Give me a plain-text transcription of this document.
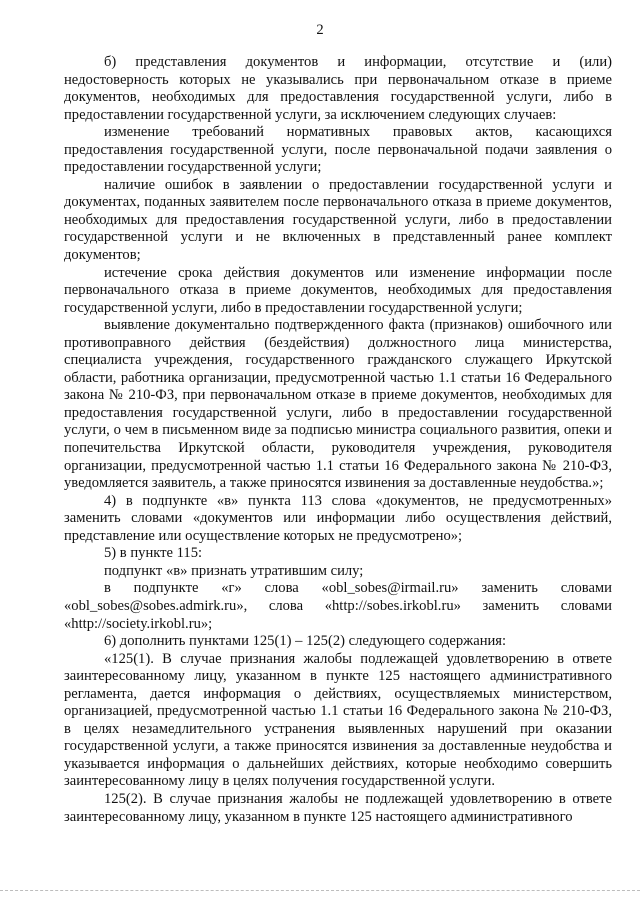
2

б) представления документов и информации, отсутствие и (или) недостоверность которых не указывались при первоначальном отказе в приеме документов, необходимых для предоставления государственной услуги, либо в предоставлении государственной услуги, за исключением следующих случаев:

изменение требований нормативных правовых актов, касающихся предоставления государственной услуги, после первоначальной подачи заявления о предоставлении государственной услуги;

наличие ошибок в заявлении о предоставлении государственной услуги и документах, поданных заявителем после первоначального отказа в приеме документов, необходимых для предоставления государственной услуги, либо в предоставлении государственной услуги и не включенных в представленный ранее комплект документов;

истечение срока действия документов или изменение информации после первоначального отказа в приеме документов, необходимых для предоставления государственной услуги, либо в предоставлении государственной услуги;

выявление документально подтвержденного факта (признаков) ошибочного или противоправного действия (бездействия) должностного лица министерства, специалиста учреждения, государственного гражданского служащего Иркутской области, работника организации, предусмотренной частью 1.1 статьи 16 Федерального закона № 210-ФЗ, при первоначальном отказе в приеме документов, необходимых для предоставления государственной услуги, либо в предоставлении государственной услуги, о чем в письменном виде за подписью министра социального развития, опеки и попечительства Иркутской области, руководителя учреждения, руководителя организации, предусмотренной частью 1.1 статьи 16 Федерального закона № 210-ФЗ, уведомляется заявитель, а также приносятся извинения за доставленные неудобства.»;

4) в подпункте «в» пункта 113 слова «документов, не предусмотренных» заменить словами «документов или информации либо осуществления действий, представление или осуществление которых не предусмотрено»;

5) в пункте 115:

подпункт «в» признать утратившим силу;

в подпункте «г» слова «obl_sobes@irmail.ru» заменить словами
«obl_sobes@sobes.admirk.ru», слова «http://sobes.irkobl.ru» заменить словами

«http://society.irkobl.ru»;

6) дополнить пунктами 125(1) – 125(2) следующего содержания:

«125(1). В случае признания жалобы подлежащей удовлетворению в ответе заинтересованному лицу, указанном в пункте 125 настоящего административного регламента, дается информация о действиях, осуществляемых министерством, организацией, предусмотренной частью 1.1 статьи 16 Федерального закона № 210-ФЗ, в целях незамедлительного устранения выявленных нарушений при оказании государственной услуги, а также приносятся извинения за доставленные неудобства и указывается информация о дальнейших действиях, которые необходимо совершить заинтересованному лицу в целях получения государственной услуги.

125(2). В случае признания жалобы не подлежащей удовлетворению в ответе заинтересованному лицу, указанном в пункте 125 настоящего административного
